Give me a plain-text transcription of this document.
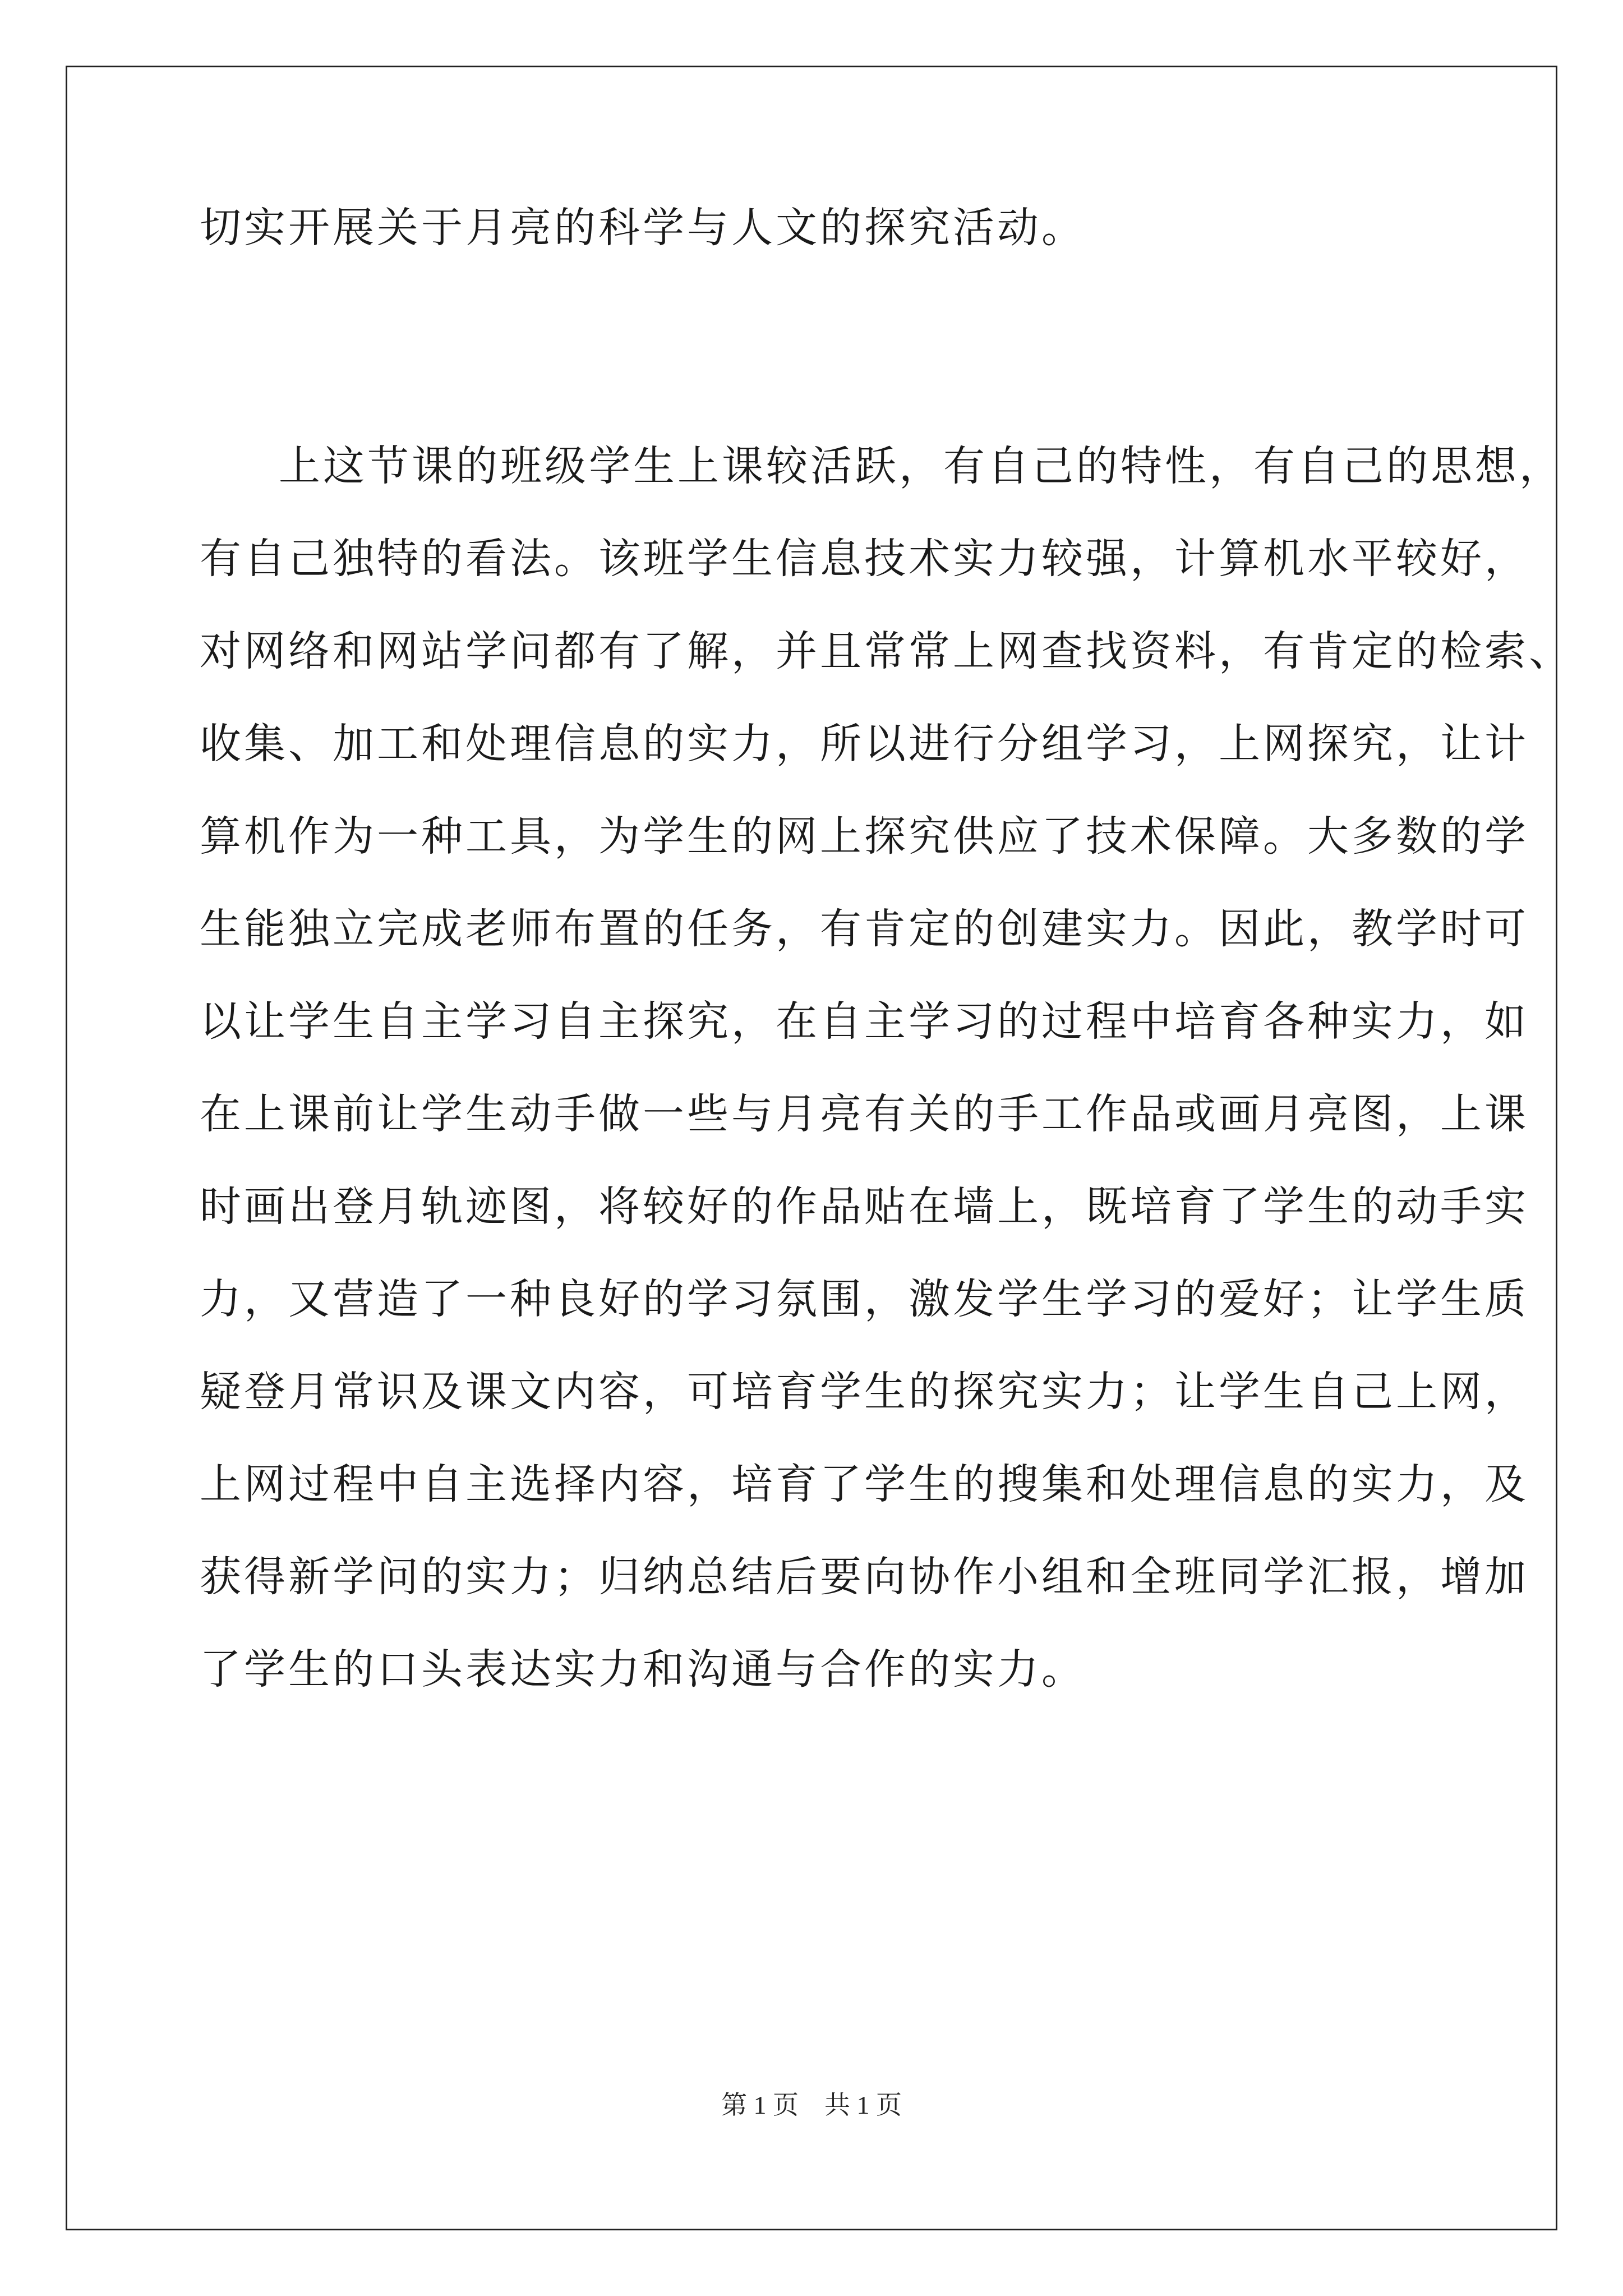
切实开展关于月亮的科学与人文的探究活动。
上这节课的班级学生上课较活跃，有自己的特性，有自己的思想，
有自己独特的看法。该班学生信息技术实力较强，计算机水平较好，
对网络和网站学问都有了解，并且常常上网查找资料，有肯定的检索、
收集、加工和处理信息的实力，所以进行分组学习，上网探究，让计
算机作为一种工具，为学生的网上探究供应了技术保障。大多数的学
生能独立完成老师布置的任务，有肯定的创建实力。因此，教学时可
以让学生自主学习自主探究，在自主学习的过程中培育各种实力，如
在上课前让学生动手做一些与月亮有关的手工作品或画月亮图，上课
时画出登月轨迹图，将较好的作品贴在墙上，既培育了学生的动手实
力，又营造了一种良好的学习氛围，激发学生学习的爱好；让学生质
疑登月常识及课文内容，可培育学生的探究实力；让学生自己上网，
上网过程中自主选择内容，培育了学生的搜集和处理信息的实力，及
获得新学问的实力；归纳总结后要向协作小组和全班同学汇报，增加
了学生的口头表达实力和沟通与合作的实力。
第 1 页 共 1 页
